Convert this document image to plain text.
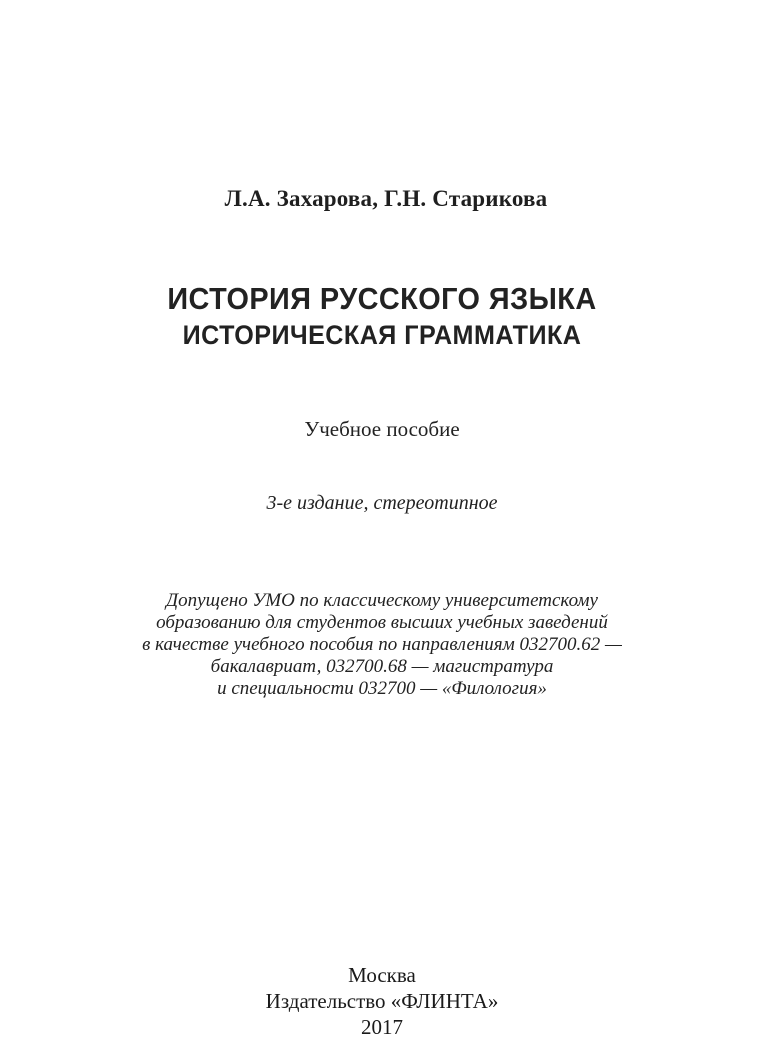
Л.А. Захарова, Г.Н. Старикова
ИСТОРИЯ РУССКОГО ЯЗЫКА
ИСТОРИЧЕСКАЯ ГРАММАТИКА
Учебное пособие
3-е издание, стереотипное
Допущено УМО по классическому университетскому
образованию для студентов высших учебных заведений
в качестве учебного пособия по направлениям 032700.62 —
бакалавриат, 032700.68 — магистратура
и специальности 032700 — «Филология»
Москва
Издательство «ФЛИНТА»
2017
